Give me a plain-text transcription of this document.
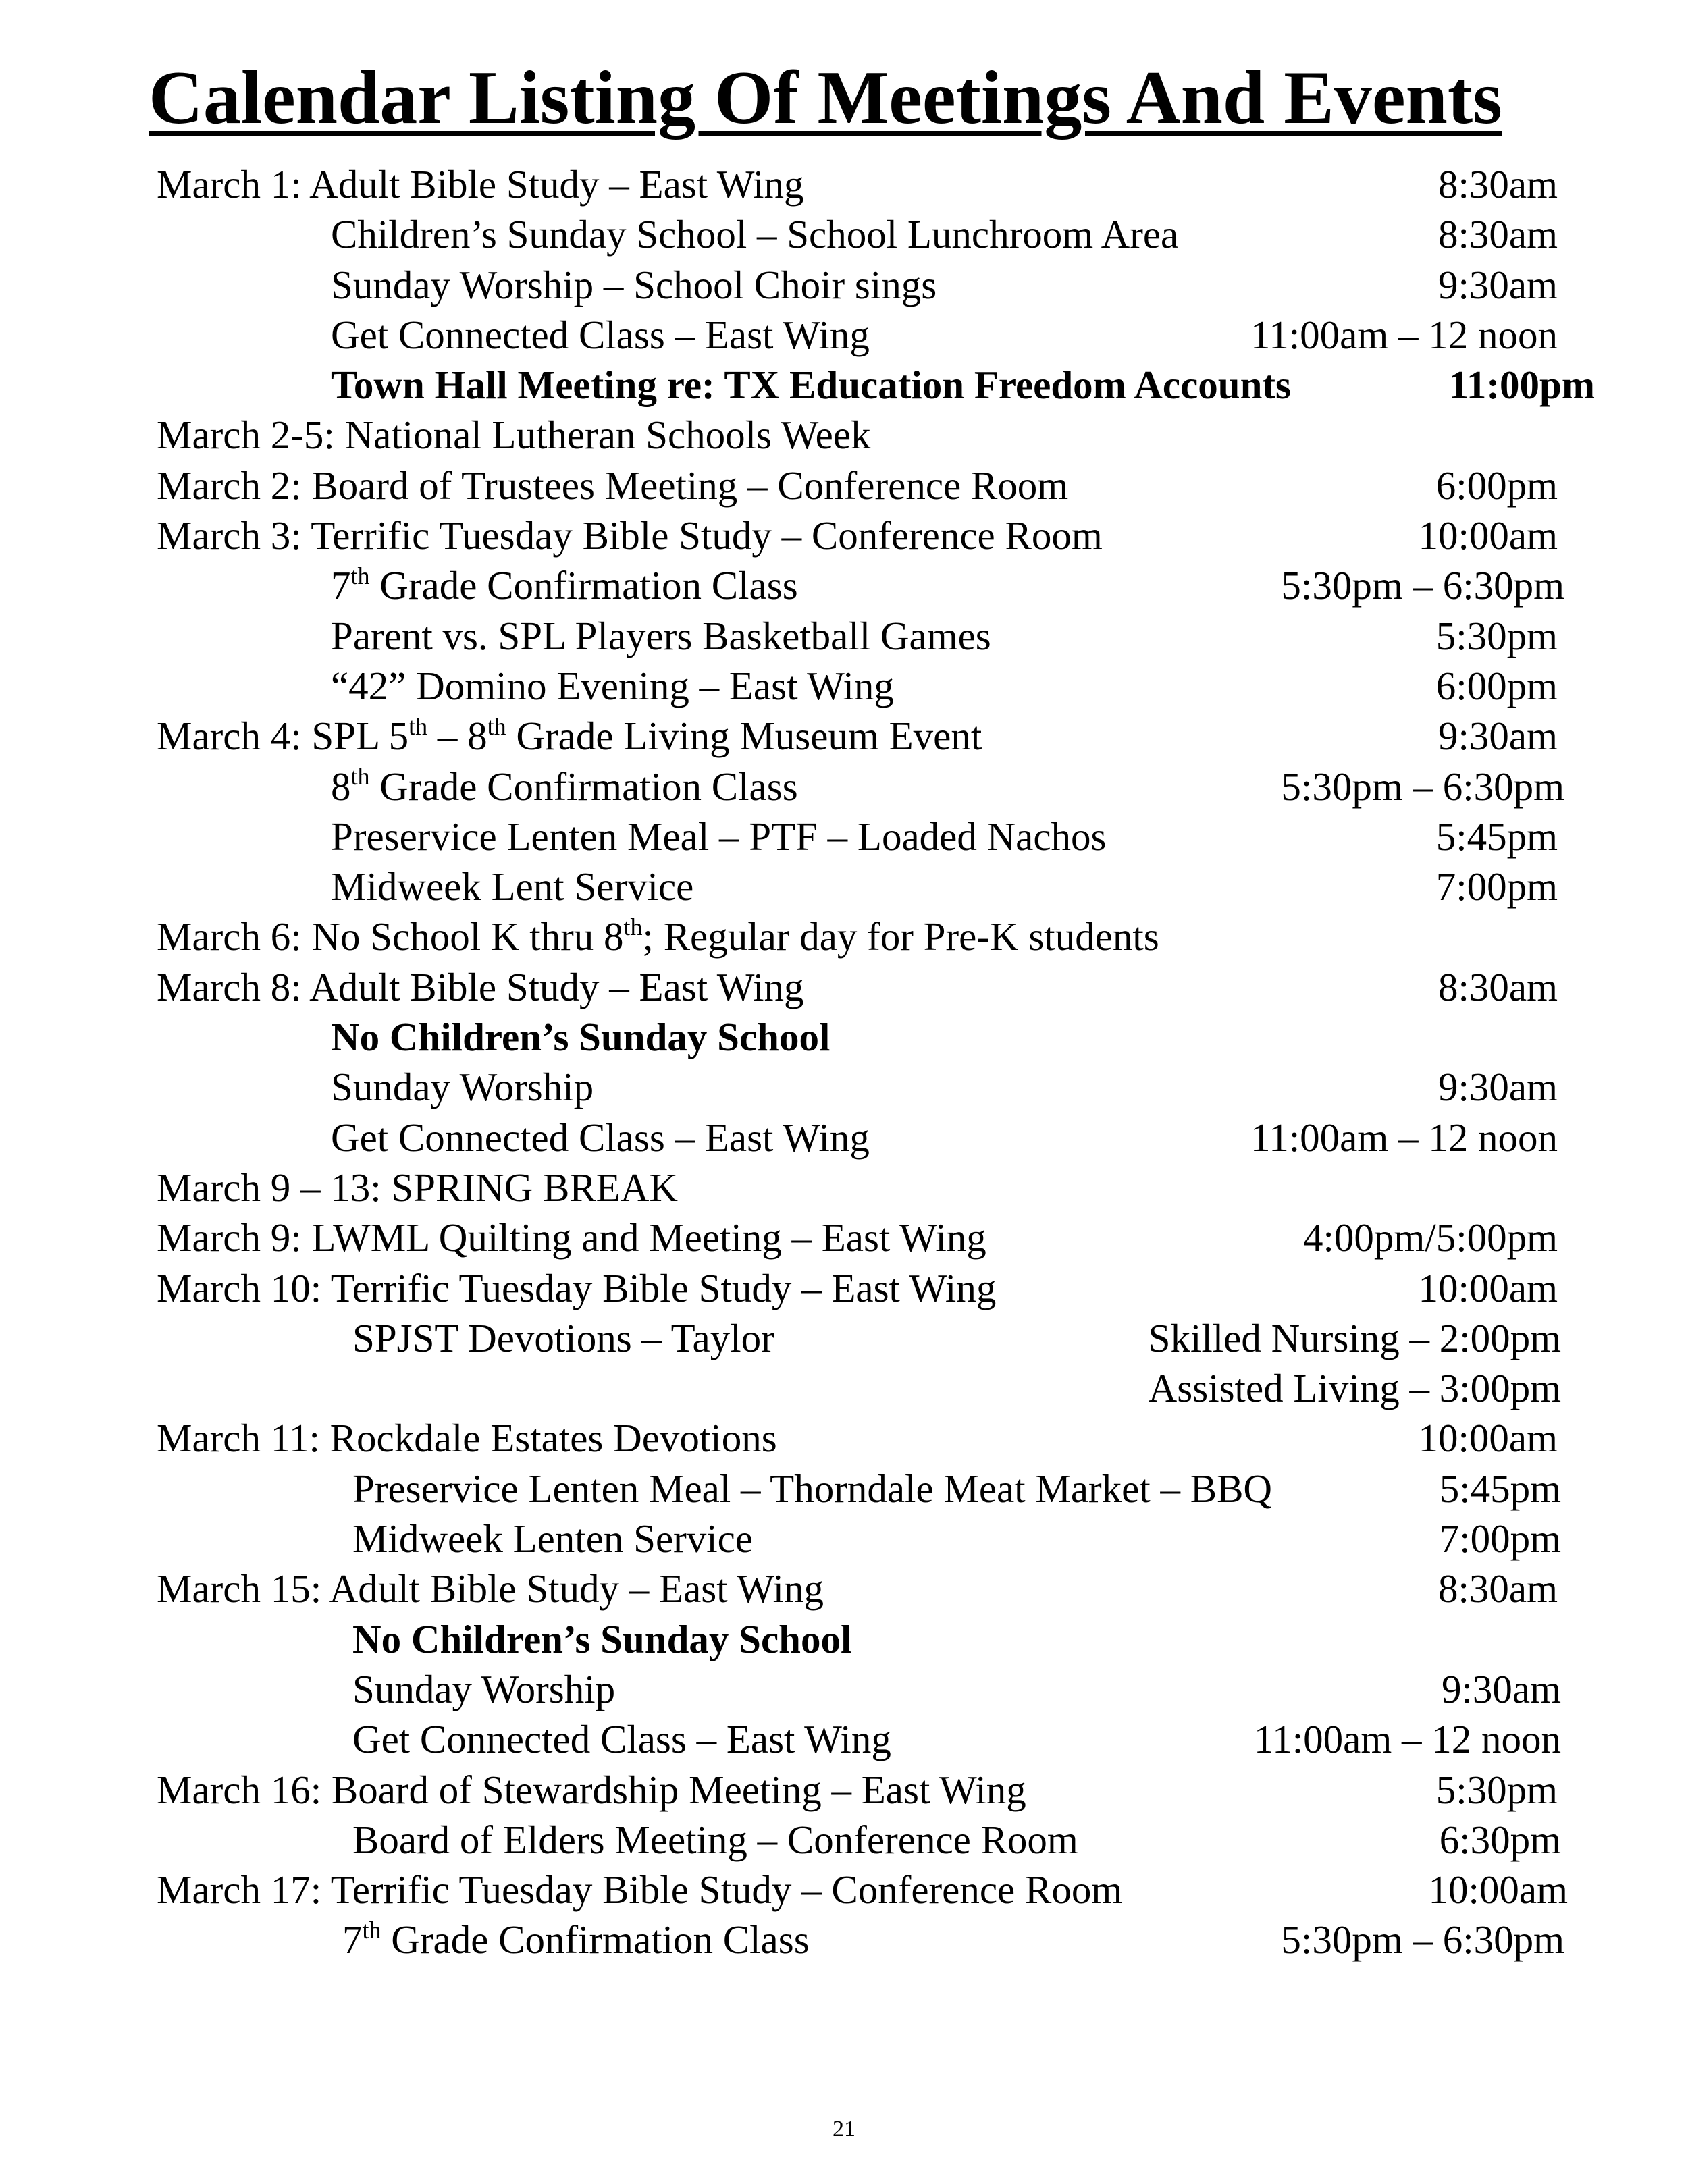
Calendar Listing Of Meetings And Events
March 1: Adult Bible Study – East Wing	8:30am
Children’s Sunday School – School Lunchroom Area	8:30am
Sunday Worship – School Choir sings	9:30am
Get Connected Class – East Wing	11:00am – 12 noon
Town Hall Meeting re: TX Education Freedom Accounts	11:00pm
March 2-5: National Lutheran Schools Week
March 2: Board of Trustees Meeting – Conference Room	6:00pm
March 3: Terrific Tuesday Bible Study – Conference Room	10:00am
7th Grade Confirmation Class	5:30pm – 6:30pm
Parent vs. SPL Players Basketball Games	5:30pm
“42” Domino Evening – East Wing	6:00pm
March 4: SPL 5th – 8th Grade Living Museum Event	9:30am
8th Grade Confirmation Class	5:30pm – 6:30pm
Preservice Lenten Meal – PTF – Loaded Nachos	5:45pm
Midweek Lent Service	7:00pm
March 6: No School K thru 8th; Regular day for Pre-K students
March 8: Adult Bible Study – East Wing	8:30am
No Children’s Sunday School
Sunday Worship	9:30am
Get Connected Class – East Wing	11:00am – 12 noon
March 9 – 13: SPRING BREAK
March 9: LWML Quilting and Meeting – East Wing	4:00pm/5:00pm
March 10: Terrific Tuesday Bible Study – East Wing	10:00am
SPJST Devotions – Taylor	Skilled Nursing – 2:00pm
Assisted Living – 3:00pm
March 11: Rockdale Estates Devotions	10:00am
Preservice Lenten Meal – Thorndale Meat Market – BBQ	5:45pm
Midweek Lenten Service	7:00pm
March 15: Adult Bible Study – East Wing	8:30am
No Children’s Sunday School
Sunday Worship	9:30am
Get Connected Class – East Wing	11:00am – 12 noon
March 16: Board of Stewardship Meeting – East Wing	5:30pm
Board of Elders Meeting – Conference Room	6:30pm
March 17: Terrific Tuesday Bible Study – Conference Room	10:00am
7th Grade Confirmation Class	5:30pm – 6:30pm
21
